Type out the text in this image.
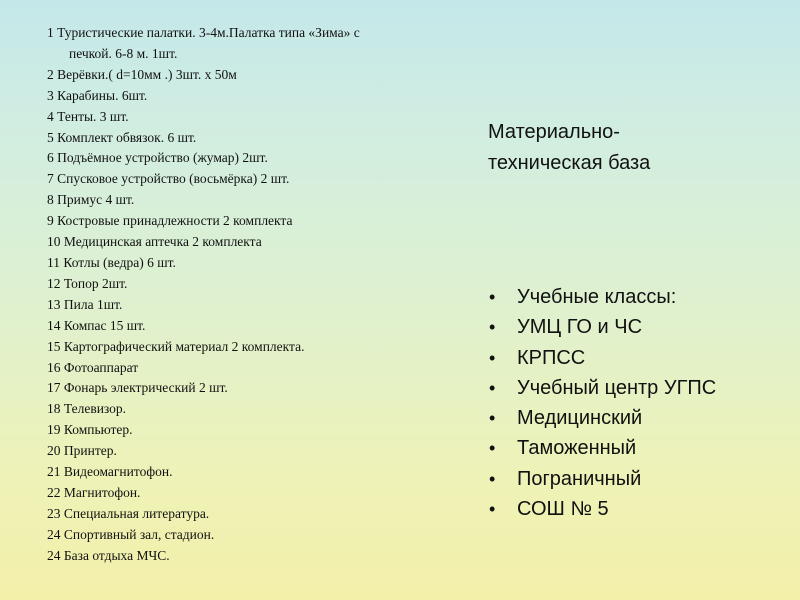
1 Туристические палатки. 3-4м.Палатка типа «Зима» с
печкой. 6-8 м. 1шт.
2 Верёвки.( d=10мм .) 3шт. х 50м
3 Карабины. 6шт.
4 Тенты. 3 шт.
5 Комплект обвязок. 6 шт.
6 Подъёмное устройство (жумар) 2шт.
7 Спусковое устройство (восьмёрка) 2 шт.
8 Примус 4 шт.
9 Костровые принадлежности 2 комплекта
10 Медицинская аптечка 2 комплекта
11 Котлы (ведра) 6 шт.
12 Топор 2шт.
13 Пила 1шт.
14 Компас 15 шт.
15 Картографический материал 2 комплекта.
16 Фотоаппарат
17 Фонарь электрический 2 шт.
18 Телевизор.
19 Компьютер.
20 Принтер.
21 Видеомагнитофон.
22 Магнитофон.
23 Специальная литература.
24 Спортивный зал, стадион.
24 База отдыха МЧС.
Материально-
техническая база
• Учебные классы:
• УМЦ ГО и ЧС
• КРПСС
• Учебный центр УГПС
• Медицинский
• Таможенный
• Пограничный
• СОШ № 5
